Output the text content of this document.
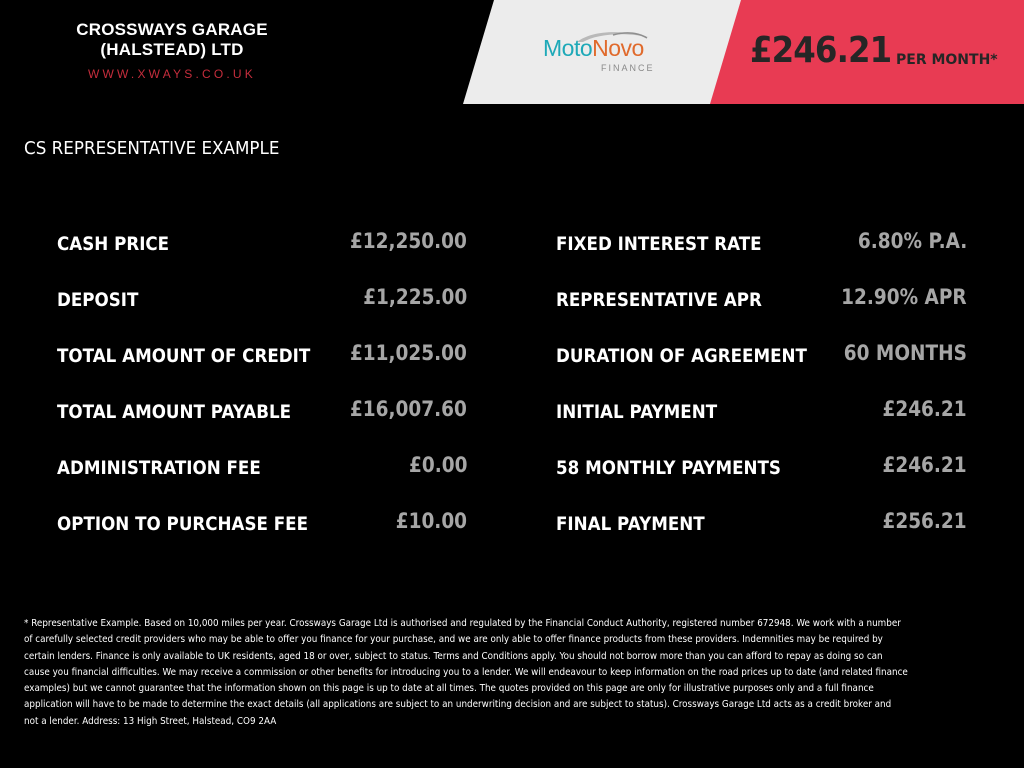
CROSSWAYS GARAGE
(HALSTEAD) LTD
WWW.XWAYS.CO.UK
MotoNovo
FINANCE	£246.21 PER MONTH*
CS REPRESENTATIVE EXAMPLE
CASH PRICE	£12,250.00
DEPOSIT	£1,225.00
TOTAL AMOUNT OF CREDIT £11,025.00
TOTAL AMOUNT PAYABLE	£16,007.60
ADMINISTRATION FEE	£0.00
OPTION TO PURCHASE FEE	£10.00
FIXED INTEREST RATE	6.80% P.A.
REPRESENTATIVE APR	12.90% APR
DURATION OF AGREEMENT 60 MONTHS
INITIAL PAYMENT	£246.21
58 MONTHLY PAYMENTS	£246.21
FINAL PAYMENT	£256.21
* Representative Example. Based on 10,000 miles per year. Crossways Garage Ltd is authorised and regulated by the Financial Conduct Authority, registered number 672948. We work with a number of carefully selected credit providers who may be able to offer you finance for your purchase, and we are only able to offer finance products from these providers. Indemnities may be required by certain lenders. Finance is only available to UK residents, aged 18 or over, subject to status. Terms and Conditions apply. You should not borrow more than you can afford to repay as doing so can cause you financial difficulties. We may receive a commission or other benefits for introducing you to a lender. We will endeavour to keep information on the road prices up to date (and related finance examples) but we cannot guarantee that the information shown on this page is up to date at all times. The quotes provided on this page are only for illustrative purposes only and a full finance application will have to be made to determine the exact details (all applications are subject to an underwriting decision and are subject to status). Crossways Garage Ltd acts as a credit broker and not a lender. Address: 13 High Street, Halstead, CO9 2AA
